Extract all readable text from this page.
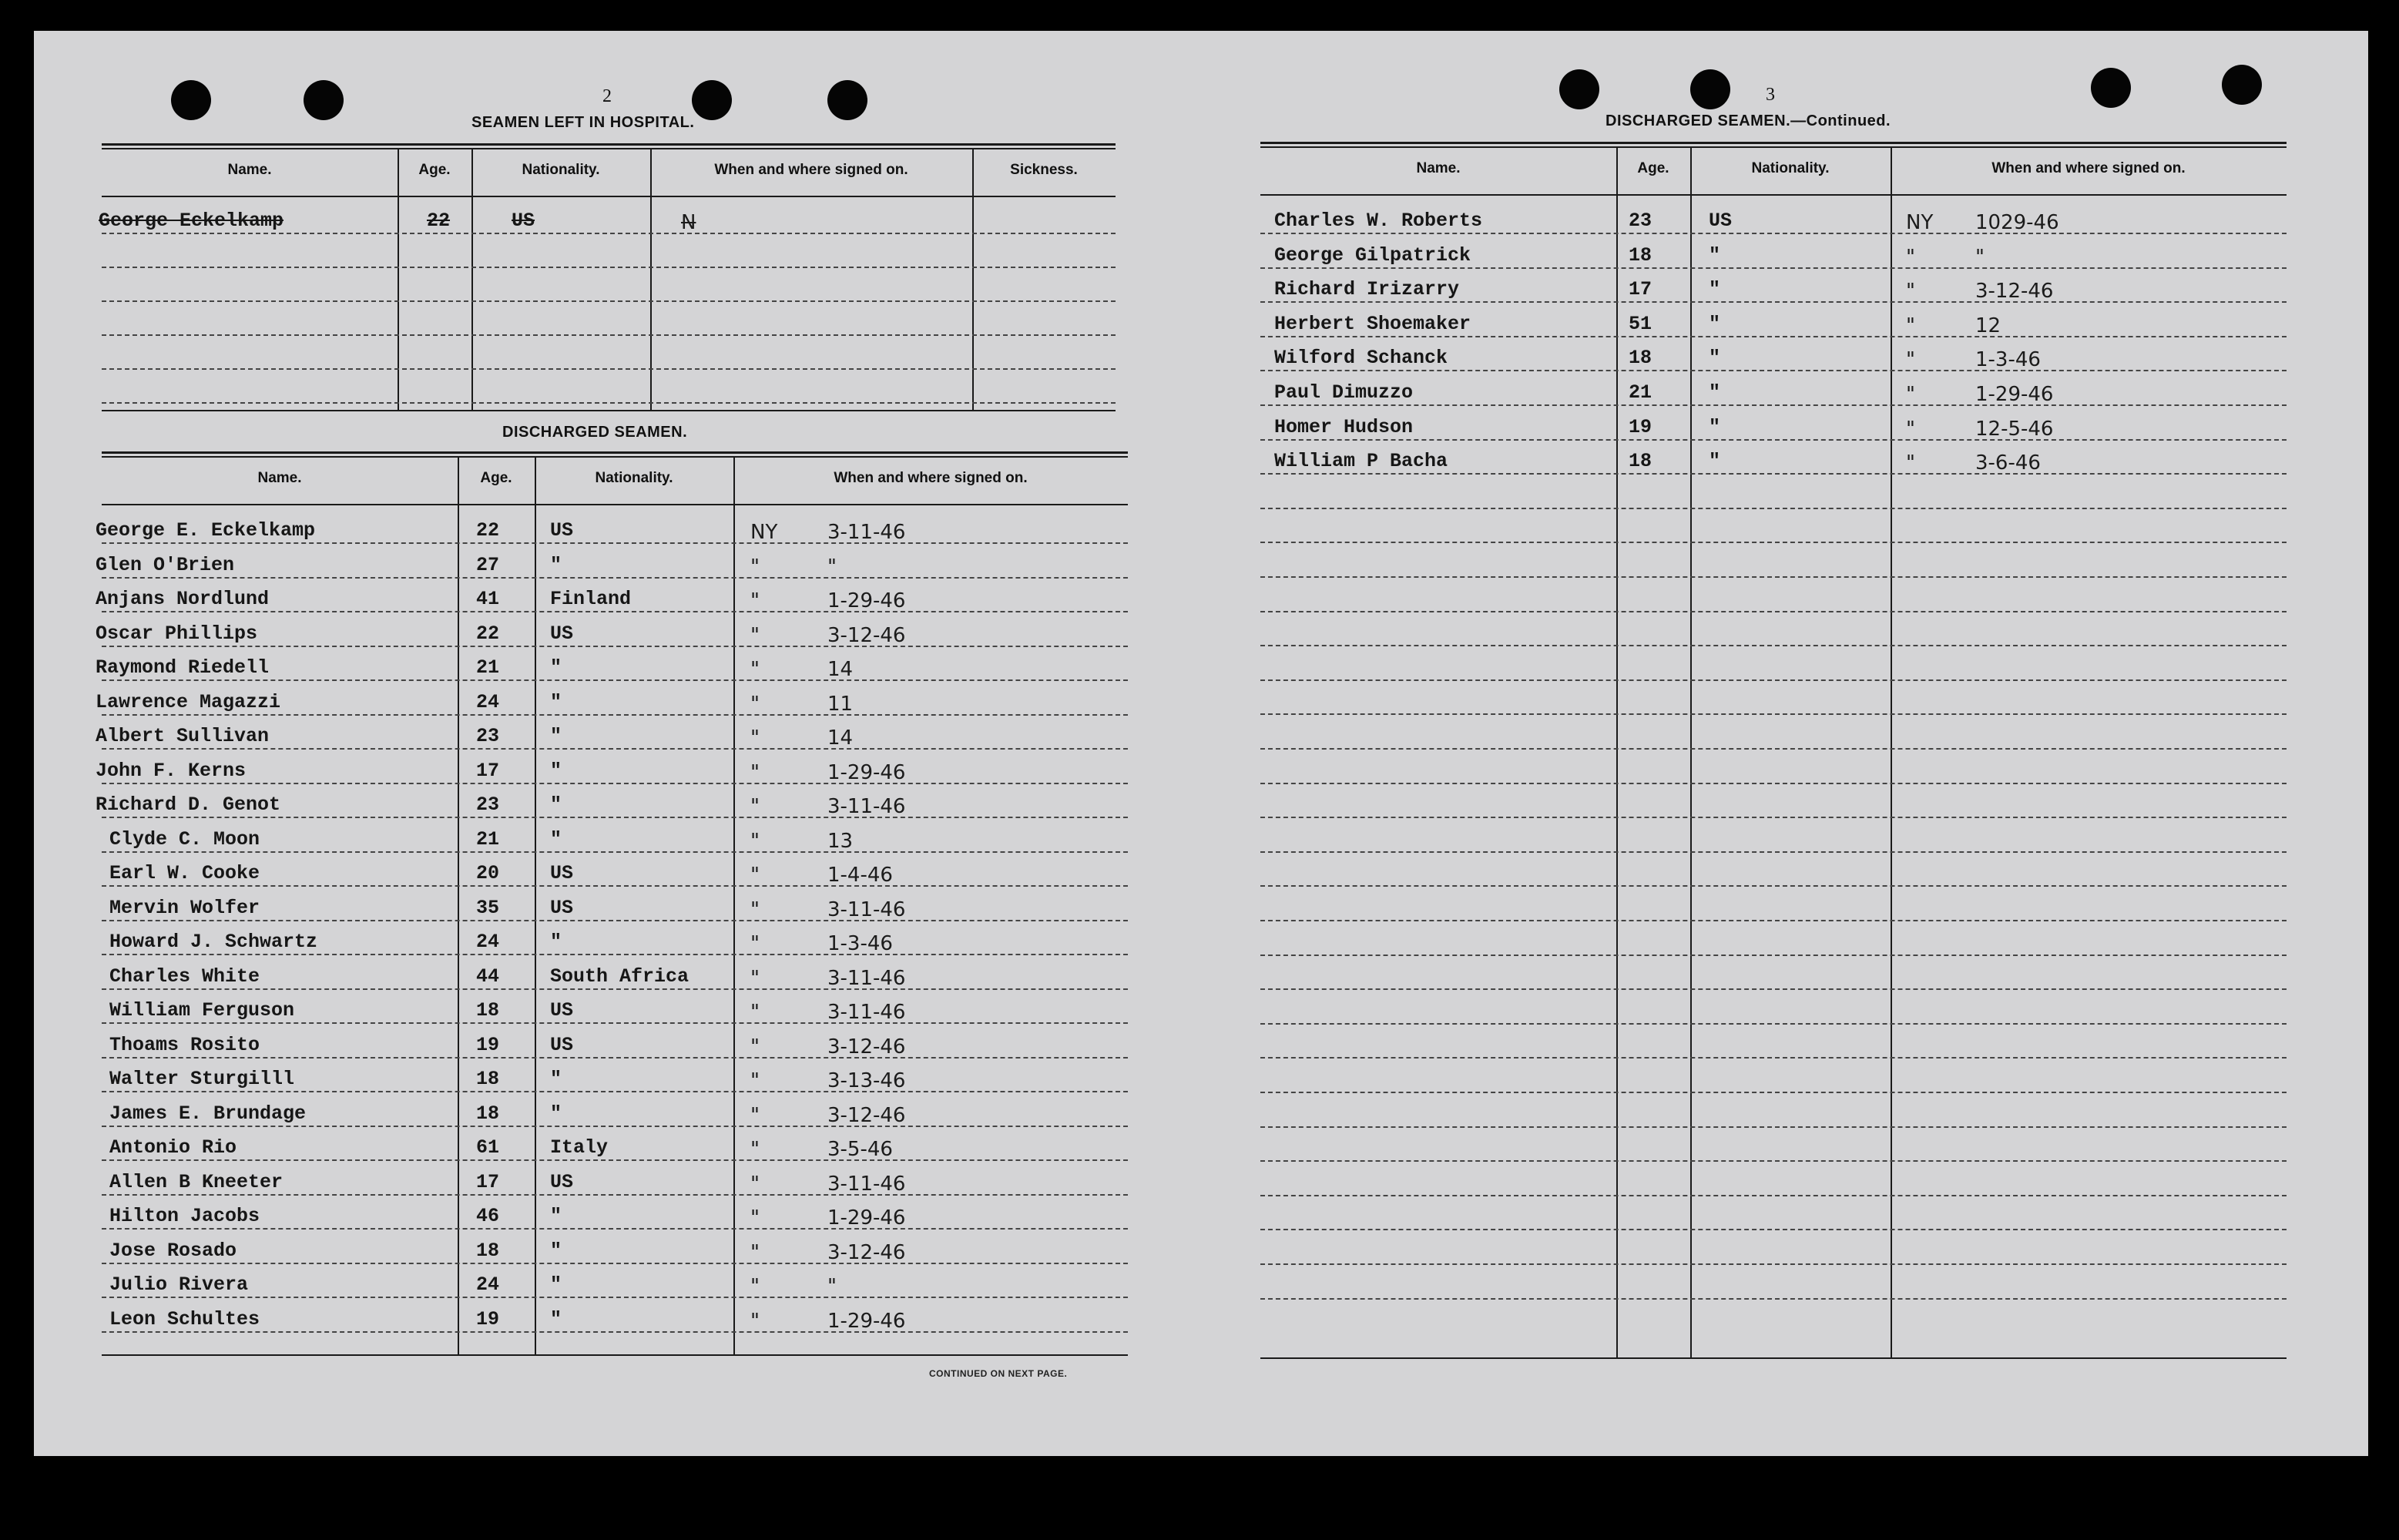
2
SEAMEN LEFT IN HOSPITAL.
Name.	Age.	Nationality.	When and where signed on.	Sickness.
George Eckelkamp	22	US	N
DISCHARGED SEAMEN.
Name.	Age.	Nationality.	When and where signed on.
George E. Eckelkamp	22	US	NY 3-11-46
Glen O'Brien	27	"	"	"
Anjans Nordlund	41	Finland	"	1-29-46
Oscar Phillips	22	US	"	3-12-46
Raymond Riedell	21	"	"	14
Lawrence Magazzi	24	"	"	11
Albert Sullivan	23	"	"	14
John F. Kerns	17	"	"	1-29-46
Richard D. Genot	23	"	"	3-11-46
Clyde C. Moon	21	"	"	13
Earl W. Cooke	20	US	"	1-4-46
Mervin Wolfer	35	US	"	3-11-46
Howard J. Schwartz	24	"	"	1-3-46
Charles White	44	South Africa	"	3-11-46
William Ferguson	18	US	"	3-11-46
Thoams Rosito	19	US	"	3-12-46
Walter Sturgilll	18	"	"	3-13-46
James E. Brundage	18	"	"	3-12-46
Antonio Rio	61	Italy	"	3-5-46
Allen B Kneeter	17	US	"	3-11-46
Hilton Jacobs	46	"	"	1-29-46
Jose Rosado	18	"	"	3-12-46
Julio Rivera	24	"	"	"
Leon Schultes	19	"	"	1-29-46
CONTINUED ON NEXT PAGE.
3
DISCHARGED SEAMEN.—Continued.
Name.	Age.	Nationality.	When and where signed on.
Charles W. Roberts	23	US	NY 1029-46
George Gilpatrick	18	"	"	"
Richard Irizarry	17	"	"	3-12-46
Herbert Shoemaker	51	"	"	12
Wilford Schanck	18	"	"	1-3-46
Paul Dimuzzo	21	"	"	1-29-46
Homer Hudson	19	"	"	12-5-46
William P Bacha	18	"	"	3-6-46
